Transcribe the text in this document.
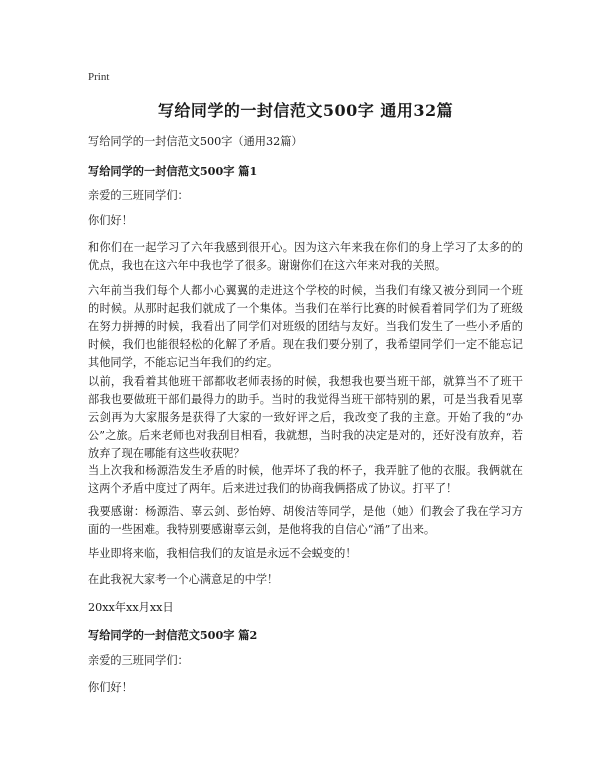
Print
写给同学的一封信范文500字 通用32篇
写给同学的一封信范文500字（通用32篇）
写给同学的一封信范文500字 篇1
亲爱的三班同学们：
你们好！
和你们在一起学习了六年我感到很开心。因为这六年来我在你们的身上学习了太多的的优点，我也在这六年中我也学了很多。谢谢你们在这六年来对我的关照。
六年前当我们每个人都小心翼翼的走进这个学校的时候，当我们有缘又被分到同一个班的时候。从那时起我们就成了一个集体。当我们在举行比赛的时候看着同学们为了班级在努力拼搏的时候，我看出了同学们对班级的团结与友好。当我们发生了一些小矛盾的时候，我们也能很轻松的化解了矛盾。现在我们要分别了，我希望同学们一定不能忘记其他同学，不能忘记当年我们的约定。
以前，我看着其他班干部都收老师表扬的时候，我想我也要当班干部，就算当不了班干部我也要做班干部们最得力的助手。当时的我觉得当班干部特别的累，可是当我看见辜云剑再为大家服务是获得了大家的一致好评之后，我改变了我的主意。开始了我的“办公”之旅。后来老师也对我刮目相看，我就想，当时我的决定是对的，还好没有放弃，若放弃了现在哪能有这些收获呢？
当上次我和杨源浩发生矛盾的时候，他弄坏了我的杯子，我弄脏了他的衣服。我俩就在这两个矛盾中度过了两年。后来进过我们的协商我俩搭成了协议。打平了！
我要感谢：杨源浩、辜云剑、彭怡婷、胡俊洁等同学，是他（她）们教会了我在学习方面的一些困难。我特别要感谢辜云剑，是他将我的自信心“涌”了出来。
毕业即将来临，我相信我们的友谊是永远不会蜕变的！
在此我祝大家考一个心满意足的中学！
20xx年xx月xx日
写给同学的一封信范文500字 篇2
亲爱的三班同学们：
你们好！
